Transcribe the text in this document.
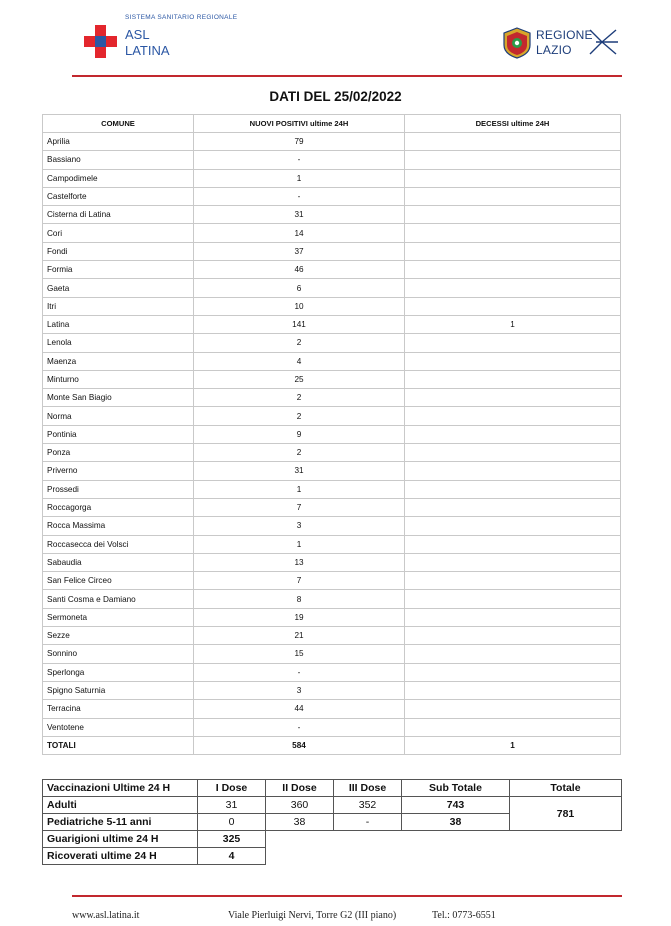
SISTEMA SANITARIO REGIONALE
ASL
LATINA
REGIONE
LAZIO
DATI DEL 25/02/2022
COMUNE	NUOVI POSITIVI ultime 24H	DECESSI ultime 24H
Aprilia	79	
Bassiano	-	
Campodimele	1	
Castelforte	-	
Cisterna di Latina	31	
Cori	14	
Fondi	37	
Formia	46	
Gaeta	6	
Itri	10	
Latina	141	1
Lenola	2	
Maenza	4	
Minturno	25	
Monte San Biagio	2	
Norma	2	
Pontinia	9	
Ponza	2	
Priverno	31	
Prossedi	1	
Roccagorga	7	
Rocca Massima	3	
Roccasecca dei Volsci	1	
Sabaudia	13	
San Felice Circeo	7	
Santi Cosma e Damiano	8	
Sermoneta	19	
Sezze	21	
Sonnino	15	
Sperlonga	-	
Spigno Saturnia	3	
Terracina	44	
Ventotene	-	
TOTALI	584	1
Vaccinazioni Ultime 24 H	I Dose	II Dose	III Dose	Sub Totale	Totale
Adulti	31	360	352	743	781
Pediatriche 5-11 anni	0	38	-	38	
Guarigioni ultime 24 H	325				
Ricoverati ultime 24 H	4				
www.asl.latina.it	Viale Pierluigi Nervi, Torre G2 (III piano)	Tel.: 0773-6551
